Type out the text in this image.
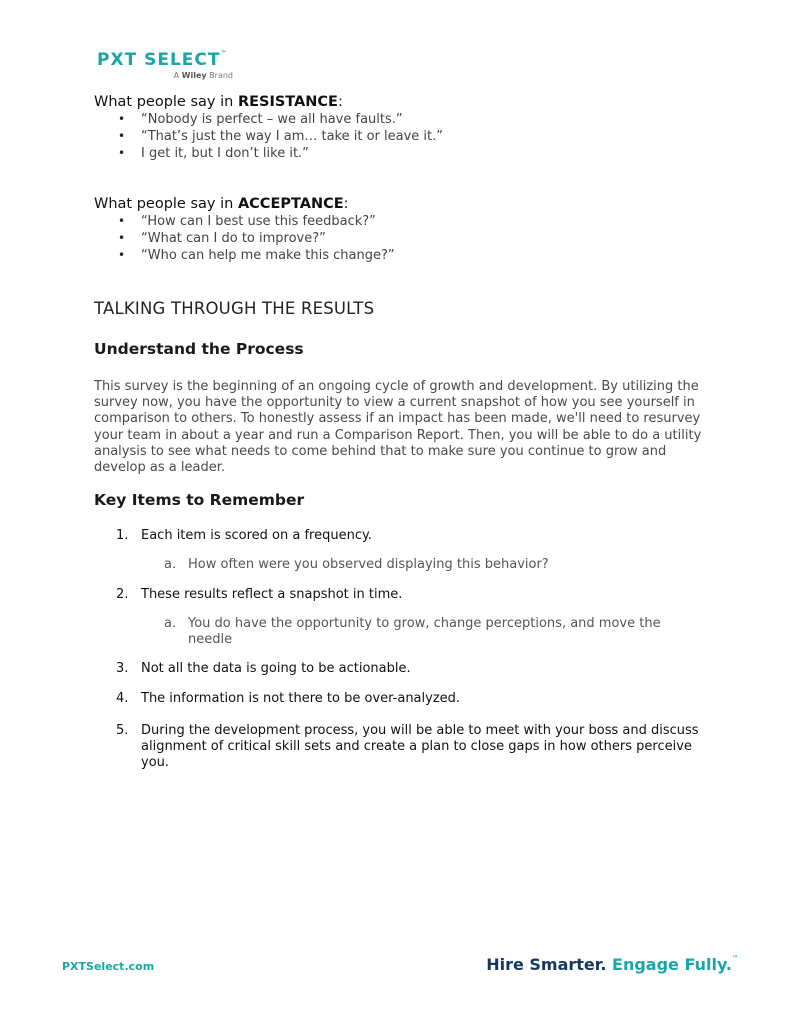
PXT SELECT™
A Wiley Brand
What people say in RESISTANCE:
• “Nobody is perfect – we all have faults.”
• “That’s just the way I am… take it or leave it.”
• I get it, but I don’t like it.”
What people say in ACCEPTANCE:
• “How can I best use this feedback?”
• “What can I do to improve?”
• “Who can help me make this change?”
TALKING THROUGH THE RESULTS
Understand the Process
This survey is the beginning of an ongoing cycle of growth and development. By utilizing the survey now, you have the opportunity to view a current snapshot of how you see yourself in comparison to others. To honestly assess if an impact has been made, we'll need to resurvey your team in about a year and run a Comparison Report. Then, you will be able to do a utility analysis to see what needs to come behind that to make sure you continue to grow and develop as a leader.
Key Items to Remember
1. Each item is scored on a frequency.
a. How often were you observed displaying this behavior?
2. These results reflect a snapshot in time.
a. You do have the opportunity to grow, change perceptions, and move the needle
3. Not all the data is going to be actionable.
4. The information is not there to be over-analyzed.
5. During the development process, you will be able to meet with your boss and discuss alignment of critical skill sets and create a plan to close gaps in how others perceive you.
PXTSelect.com	Hire Smarter. Engage Fully.™
